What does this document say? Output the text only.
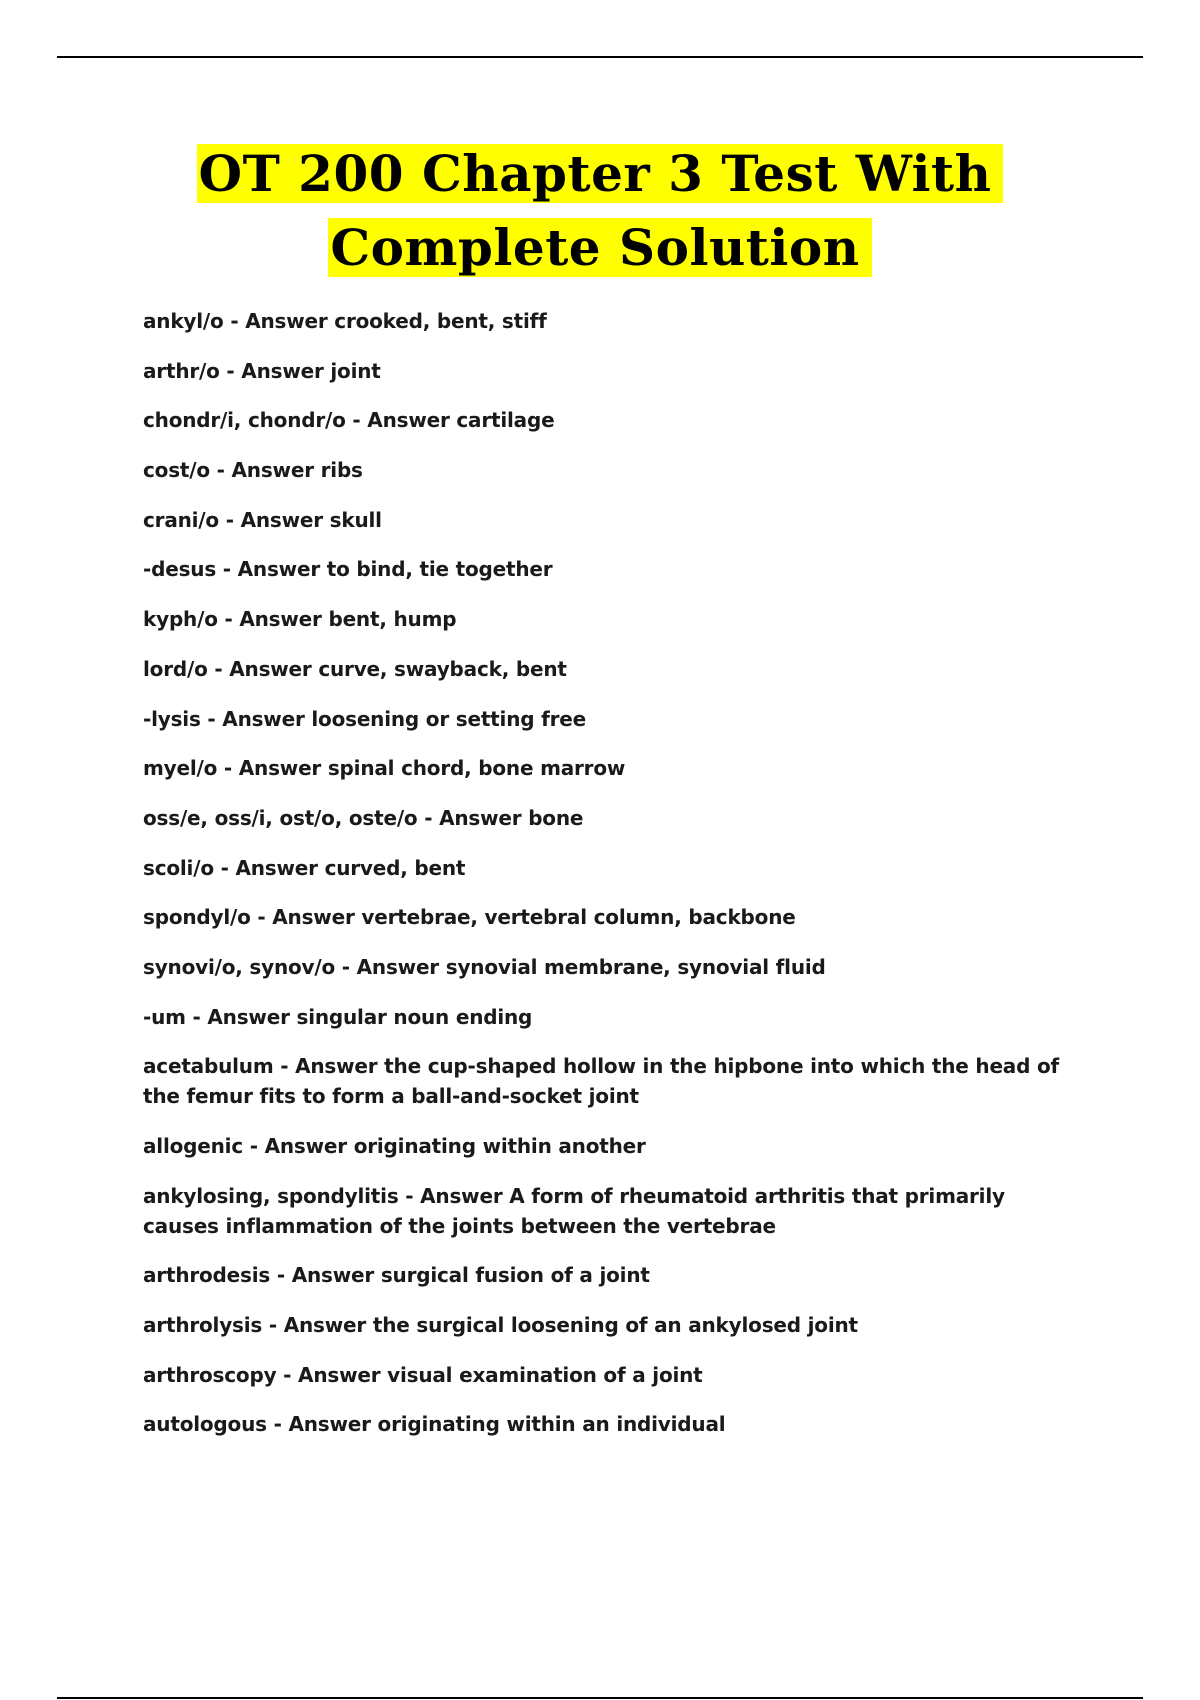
OT 200 Chapter 3 Test With
Complete Solution
ankyl/o - Answer crooked, bent, stiff
arthr/o - Answer joint
chondr/i, chondr/o - Answer cartilage
cost/o - Answer ribs
crani/o - Answer skull
-desus - Answer to bind, tie together
kyph/o - Answer bent, hump
lord/o - Answer curve, swayback, bent
-lysis - Answer loosening or setting free
myel/o - Answer spinal chord, bone marrow
oss/e, oss/i, ost/o, oste/o - Answer bone
scoli/o - Answer curved, bent
spondyl/o - Answer vertebrae, vertebral column, backbone
synovi/o, synov/o - Answer synovial membrane, synovial fluid
-um - Answer singular noun ending
acetabulum - Answer the cup-shaped hollow in the hipbone into which the head of the femur fits to form a ball-and-socket joint
allogenic - Answer originating within another
ankylosing, spondylitis - Answer A form of rheumatoid arthritis that primarily causes inflammation of the joints between the vertebrae
arthrodesis - Answer surgical fusion of a joint
arthrolysis - Answer the surgical loosening of an ankylosed joint
arthroscopy - Answer visual examination of a joint
autologous - Answer originating within an individual
